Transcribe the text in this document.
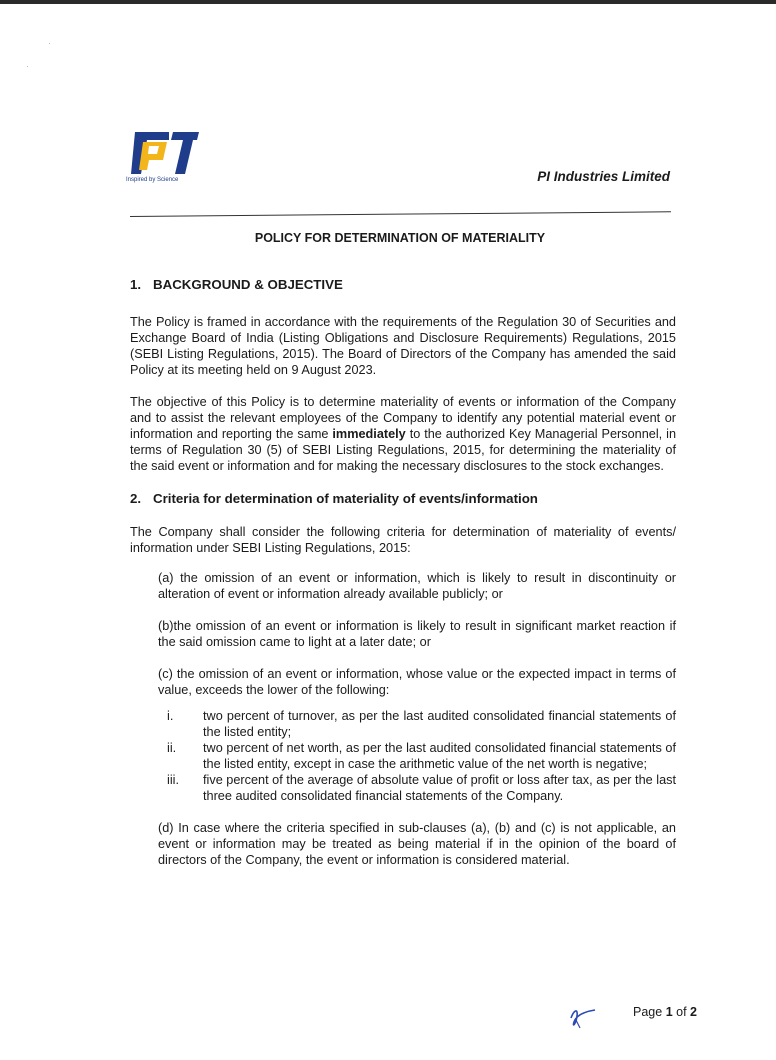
Inspired by Science	PI Industries Limited
POLICY FOR DETERMINATION OF MATERIALITY
1. BACKGROUND & OBJECTIVE

The Policy is framed in accordance with the requirements of the Regulation 30 of Securities and Exchange Board of India (Listing Obligations and Disclosure Requirements) Regulations, 2015 (SEBI Listing Regulations, 2015). The Board of Directors of the Company has amended the said Policy at its meeting held on 9 August 2023.

The objective of this Policy is to determine materiality of events or information of the Company and to assist the relevant employees of the Company to identify any potential material event or information and reporting the same immediately to the authorized Key Managerial Personnel, in terms of Regulation 30 (5) of SEBI Listing Regulations, 2015, for determining the materiality of the said event or information and for making the necessary disclosures to the stock exchanges.

2. Criteria for determination of materiality of events/information

The Company shall consider the following criteria for determination of materiality of events/ information under SEBI Listing Regulations, 2015:

(a) the omission of an event or information, which is likely to result in discontinuity or alteration of event or information already available publicly; or

(b)the omission of an event or information is likely to result in significant market reaction if the said omission came to light at a later date; or

(c) the omission of an event or information, whose value or the expected impact in terms of value, exceeds the lower of the following:

i.	two percent of turnover, as per the last audited consolidated financial statements of the listed entity;
ii.	two percent of net worth, as per the last audited consolidated financial statements of the listed entity, except in case the arithmetic value of the net worth is negative;
iii.	five percent of the average of absolute value of profit or loss after tax, as per the last three audited consolidated financial statements of the Company.

(d) In case where the criteria specified in sub-clauses (a), (b) and (c) is not applicable, an event or information may be treated as being material if in the opinion of the board of directors of the Company, the event or information is considered material.

Page 1 of 2
